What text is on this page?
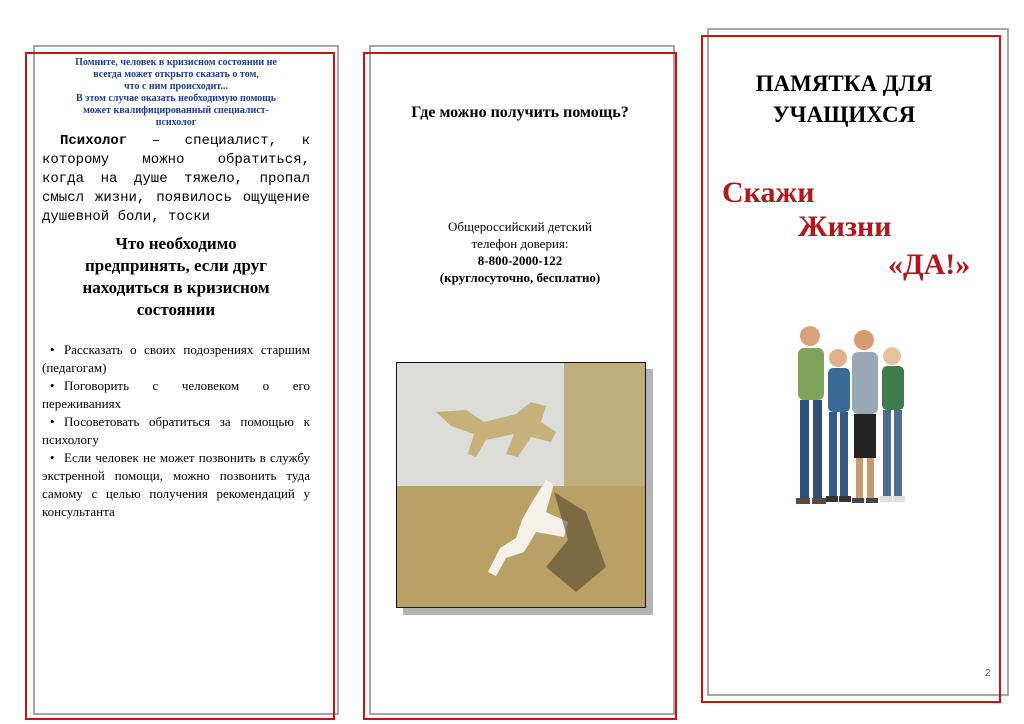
Помните, человек в кризисном состоянии не
всегда может открыто сказать о том,
что с ним происходит...
В этом случае оказать необходимую помощь
может квалифицированный специалист-
психолог
Психолог – специалист, к которому можно обратиться, когда на душе тяжело, пропал смысл жизни, появилось ощущение душевной боли, тоски
Что необходимо предпринять, если друг находиться в кризисном состоянии
• Рассказать о своих подозрениях старшим (педагогам)
• Поговорить с человеком о его переживаниях
• Посоветовать обратиться за помощью к психологу
• Если человек не может позвонить в службу экстренной помощи, можно позвонить туда самому с целью получения рекомендаций у консультанта
Где можно получить помощь?
Общероссийский детский
телефон доверия:
8-800-2000-122
(круглосуточно, бесплатно)
ПАМЯТКА ДЛЯ
УЧАЩИХСЯ
Скажи
Жизни
«ДА!»
2
